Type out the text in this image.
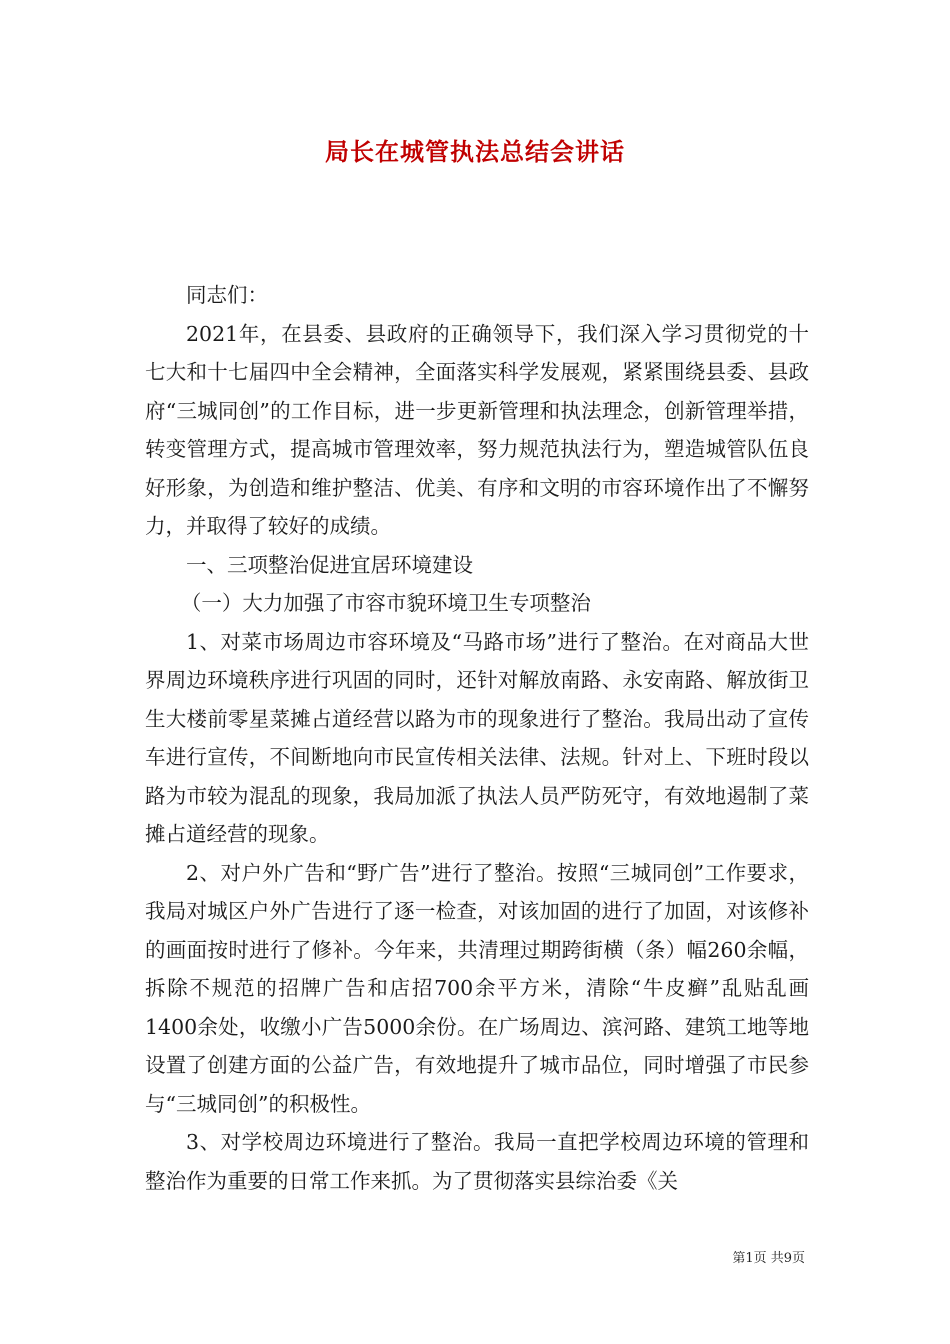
局长在城管执法总结会讲话

同志们：

2021年，在县委、县政府的正确领导下，我们深入学习贯彻党的十七大和十七届四中全会精神，全面落实科学发展观，紧紧围绕县委、县政府“三城同创”的工作目标，进一步更新管理和执法理念，创新管理举措，转变管理方式，提高城市管理效率，努力规范执法行为，塑造城管队伍良好形象，为创造和维护整洁、优美、有序和文明的市容环境作出了不懈努力，并取得了较好的成绩。

一、三项整治促进宜居环境建设

（一）大力加强了市容市貌环境卫生专项整治

1、对菜市场周边市容环境及“马路市场”进行了整治。在对商品大世界周边环境秩序进行巩固的同时，还针对解放南路、永安南路、解放街卫生大楼前零星菜摊占道经营以路为市的现象进行了整治。我局出动了宣传车进行宣传，不间断地向市民宣传相关法律、法规。针对上、下班时段以路为市较为混乱的现象，我局加派了执法人员严防死守，有效地遏制了菜摊占道经营的现象。

2、对户外广告和“野广告”进行了整治。按照“三城同创”工作要求，我局对城区户外广告进行了逐一检查，对该加固的进行了加固，对该修补的画面按时进行了修补。今年来，共清理过期跨街横（条）幅260余幅，拆除不规范的招牌广告和店招700余平方米，清除“牛皮癣”乱贴乱画1400余处，收缴小广告5000余份。在广场周边、滨河路、建筑工地等地设置了创建方面的公益广告，有效地提升了城市品位，同时增强了市民参与“三城同创”的积极性。

3、对学校周边环境进行了整治。我局一直把学校周边环境的管理和整治作为重要的日常工作来抓。为了贯彻落实县综治委《关

第1页 共9页
